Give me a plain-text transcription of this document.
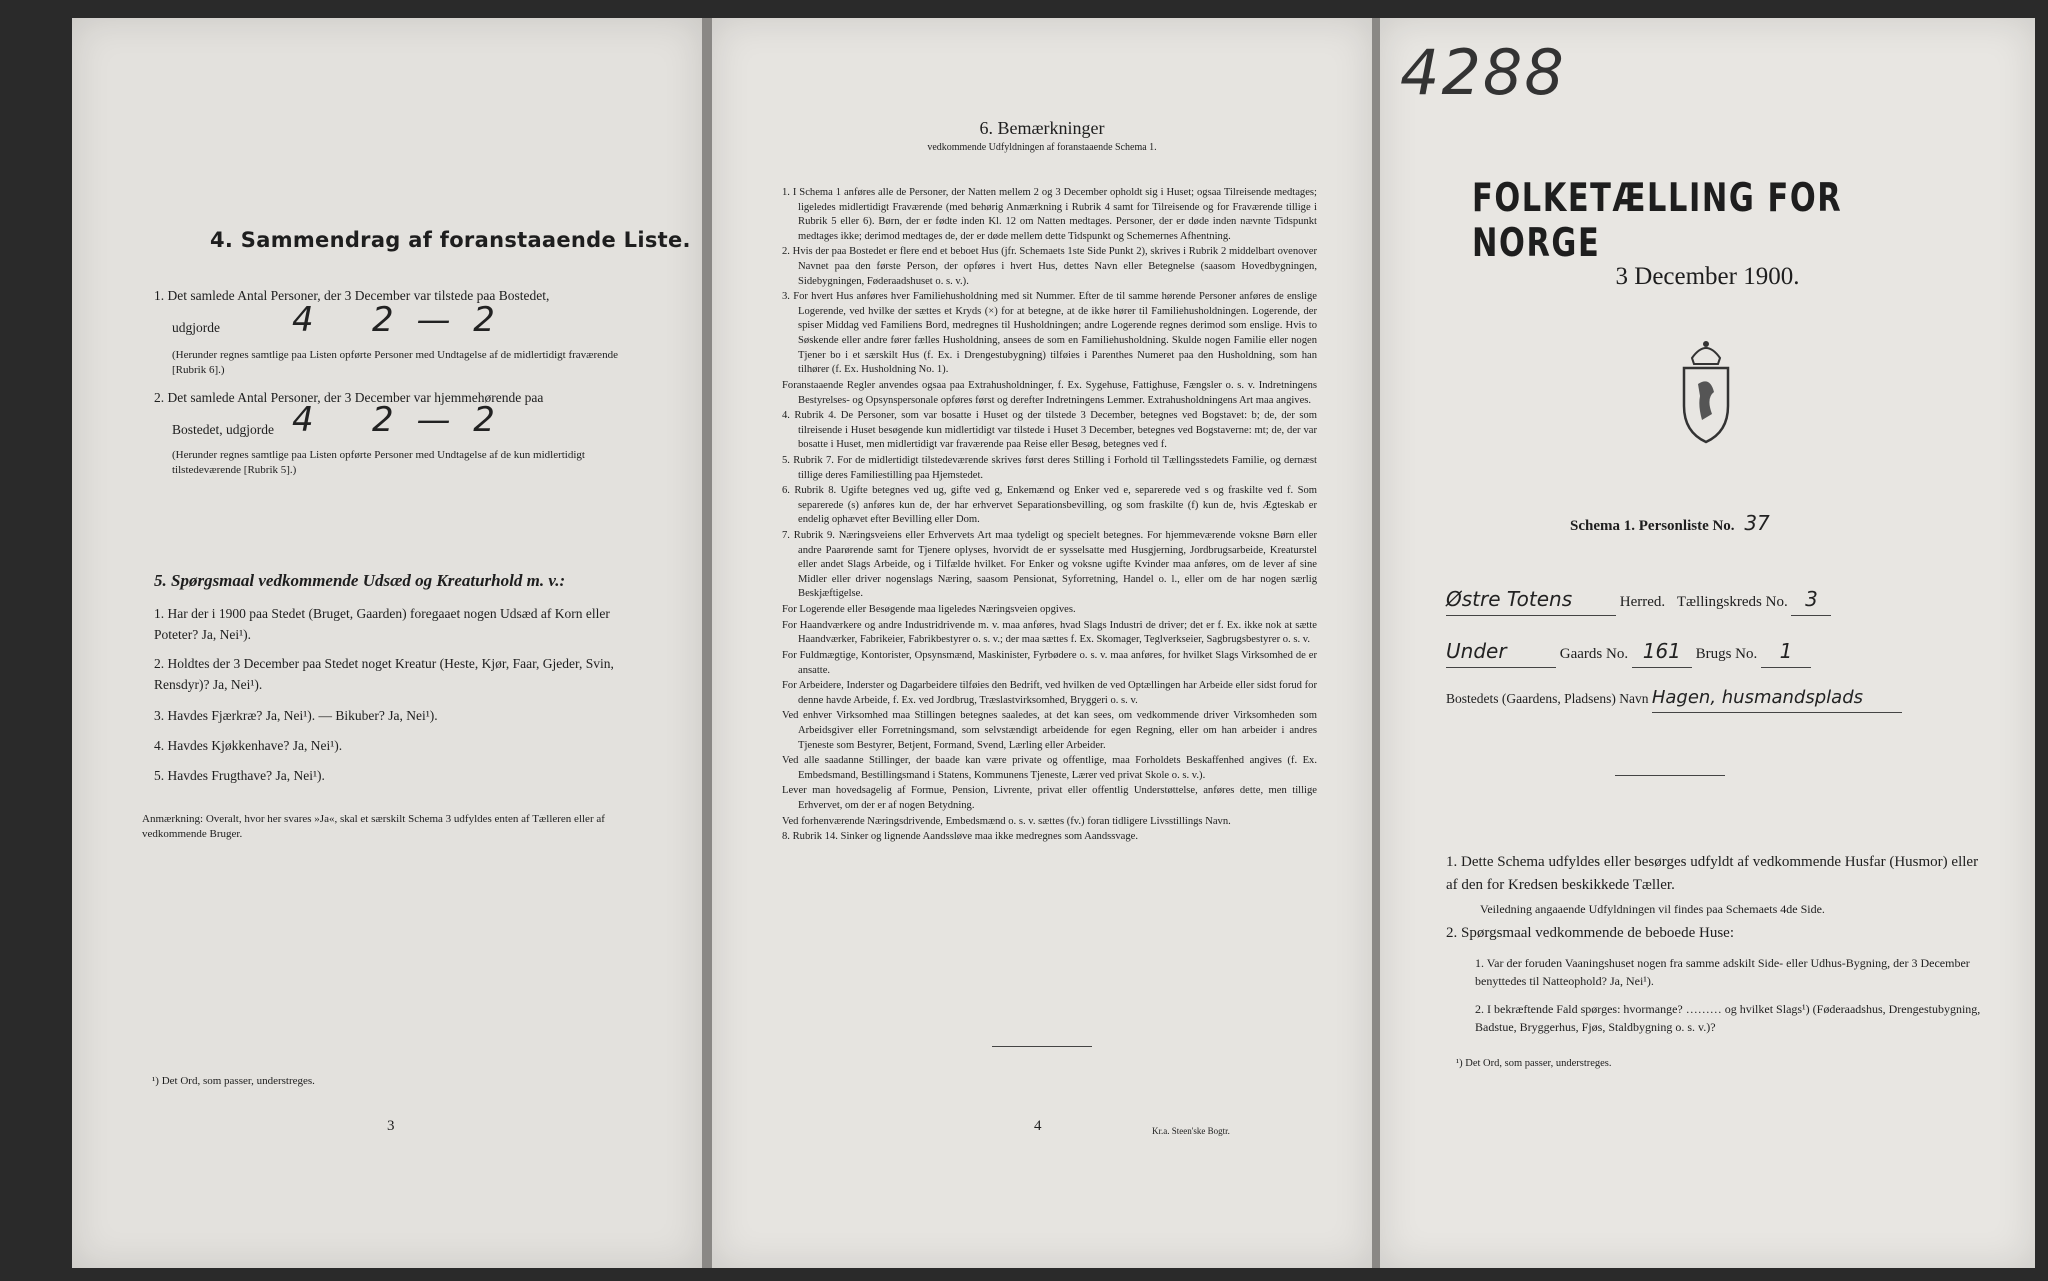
4. Sammendrag af foranstaaende Liste.
1. Det samlede Antal Personer, der 3 December var tilstede paa Bostedet,
udgjorde 4 2 — 2
(Herunder regnes samtlige paa Listen opførte Personer med Undtagelse af de midlertidigt fraværende [Rubrik 6].)
2. Det samlede Antal Personer, der 3 December var hjemmehørende paa
Bostedet, udgjorde 4 2 — 2
(Herunder regnes samtlige paa Listen opførte Personer med Undtagelse af de kun midlertidigt tilstedeværende [Rubrik 5].)
5. Spørgsmaal vedkommende Udsæd og Kreaturhold m. v.:
1. Har der i 1900 paa Stedet (Bruget, Gaarden) foregaaet nogen Udsæd af Korn eller Poteter? Ja, Nei¹).
2. Holdtes der 3 December paa Stedet noget Kreatur (Heste, Kjør, Faar, Gjeder, Svin, Rensdyr)? Ja, Nei¹).
3. Havdes Fjærkræ? Ja, Nei¹). — Bikuber? Ja, Nei¹).
4. Havdes Kjøkkenhave? Ja, Nei¹).
5. Havdes Frugthave? Ja, Nei¹).
Anmærkning: Overalt, hvor her svares »Ja«, skal et særskilt Schema 3 udfyldes enten af Tælleren eller af vedkommende Bruger.
¹) Det Ord, som passer, understreges.
3
6. Bemærkninger
vedkommende Udfyldningen af foranstaaende Schema 1.
1. I Schema 1 anføres alle de Personer, der Natten mellem 2 og 3 December opholdt sig i Huset; ogsaa Tilreisende medtages; ligeledes midlertidigt Fraværende (med behørig Anmærkning i Rubrik 4 samt for Tilreisende og for Fraværende tillige i Rubrik 5 eller 6). Børn, der er fødte inden Kl. 12 om Natten medtages. Personer, der er døde inden nævnte Tidspunkt medtages ikke; derimod medtages de, der er døde mellem dette Tidspunkt og Schemernes Afhentning.
2. Hvis der paa Bostedet er flere end et beboet Hus (jfr. Schemaets 1ste Side Punkt 2), skrives i Rubrik 2 middelbart ovenover Navnet paa den første Person, der opføres i hvert Hus, dettes Navn eller Betegnelse (saasom Hovedbygningen, Sidebygningen, Føderaadshuset o. s. v.).
3. For hvert Hus anføres hver Familiehusholdning med sit Nummer. Efter de til samme hørende Personer anføres de enslige Logerende, ved hvilke der sættes et Kryds (×) for at betegne, at de ikke hører til Familiehusholdningen. Logerende, der spiser Middag ved Familiens Bord, medregnes til Husholdningen; andre Logerende regnes derimod som enslige. Hvis to Søskende eller andre fører fælles Husholdning, ansees de som en Familiehusholdning. Skulde nogen Familie eller nogen Tjener bo i et særskilt Hus (f. Ex. i Drengestubygning) tilføies i Parenthes Numeret paa den Husholdning, som han tilhører (f. Ex. Husholdning No. 1).
Foranstaaende Regler anvendes ogsaa paa Extrahusholdninger, f. Ex. Sygehuse, Fattighuse, Fængsler o. s. v. Indretningens Bestyrelses- og Opsynspersonale opføres først og derefter Indretningens Lemmer. Extrahusholdningens Art maa angives.
4. Rubrik 4. De Personer, som var bosatte i Huset og der tilstede 3 December, betegnes ved Bogstavet: b; de, der som tilreisende i Huset besøgende kun midlertidigt var tilstede i Huset 3 December, betegnes ved Bogstaverne: mt; de, der var bosatte i Huset, men midlertidigt var fraværende paa Reise eller Besøg, betegnes ved f.
5. Rubrik 7. For de midlertidigt tilstedeværende skrives først deres Stilling i Forhold til Tællingsstedets Familie, og dernæst tillige deres Familiestilling paa Hjemstedet.
6. Rubrik 8. Ugifte betegnes ved ug, gifte ved g, Enkemænd og Enker ved e, separerede ved s og fraskilte ved f. Som separerede (s) anføres kun de, der har erhvervet Separationsbevilling, og som fraskilte (f) kun de, hvis Ægteskab er endelig ophævet efter Bevilling eller Dom.
7. Rubrik 9. Næringsveiens eller Erhvervets Art maa tydeligt og specielt betegnes. For hjemmeværende voksne Børn eller andre Paarørende samt for Tjenere oplyses, hvorvidt de er sysselsatte med Husgjerning, Jordbrugsarbeide, Kreaturstel eller andet Slags Arbeide, og i Tilfælde hvilket. For Enker og voksne ugifte Kvinder maa anføres, om de lever af sine Midler eller driver nogenslags Næring, saasom Pensionat, Syforretning, Handel o. l., eller om de har nogen særlig Beskjæftigelse.
For Logerende eller Besøgende maa ligeledes Næringsveien opgives.
For Haandværkere og andre Industridrivende m. v. maa anføres, hvad Slags Industri de driver; det er f. Ex. ikke nok at sætte Haandværker, Fabrikeier, Fabrikbestyrer o. s. v.; der maa sættes f. Ex. Skomager, Teglverkseier, Sagbrugsbestyrer o. s. v.
For Fuldmægtige, Kontorister, Opsynsmænd, Maskinister, Fyrbødere o. s. v. maa anføres, for hvilket Slags Virksomhed de er ansatte.
For Arbeidere, Inderster og Dagarbeidere tilføies den Bedrift, ved hvilken de ved Optællingen har Arbeide eller sidst forud for denne havde Arbeide, f. Ex. ved Jordbrug, Træslastvirksomhed, Bryggeri o. s. v.
Ved enhver Virksomhed maa Stillingen betegnes saaledes, at det kan sees, om vedkommende driver Virksomheden som Arbeidsgiver eller Forretningsmand, som selvstændigt arbeidende for egen Regning, eller om han arbeider i andres Tjeneste som Bestyrer, Betjent, Formand, Svend, Lærling eller Arbeider.
Ved alle saadanne Stillinger, der baade kan være private og offentlige, maa Forholdets Beskaffenhed angives (f. Ex. Embedsmand, Bestillingsmand i Statens, Kommunens Tjeneste, Lærer ved privat Skole o. s. v.).
Lever man hovedsagelig af Formue, Pension, Livrente, privat eller offentlig Understøttelse, anføres dette, men tillige Erhvervet, om der er af nogen Betydning.
Ved forhenværende Næringsdrivende, Embedsmænd o. s. v. sættes (fv.) foran tidligere Livsstillings Navn.
8. Rubrik 14. Sinker og lignende Aandssløve maa ikke medregnes som Aandssvage.
4	Kr.a. Steen'ske Bogtr.
4288
FOLKETÆLLING FOR NORGE
3 December 1900.
Schema 1. Personliste No. 37
Østre Totens	Herred. Tællingskreds No. 3
Under	Gaards No. 161 Brugs No. 1
Bostedets (Gaardens, Pladsens) Navn Hagen, husmandsplads
1. Dette Schema udfyldes eller besørges udfyldt af vedkommende Husfar (Husmor) eller af den for Kredsen beskikkede Tæller.
Veiledning angaaende Udfyldningen vil findes paa Schemaets 4de Side.
2. Spørgsmaal vedkommende de beboede Huse:
1. Var der foruden Vaaningshuset nogen fra samme adskilt Side- eller Udhus-Bygning, der 3 December benyttedes til Natteophold? Ja, Nei¹).
2. I bekræftende Fald spørges: hvormange? ……… og hvilket Slags¹) (Føderaadshus, Drengestubygning, Badstue, Bryggerhus, Fjøs, Staldbygning o. s. v.)?
¹) Det Ord, som passer, understreges.
